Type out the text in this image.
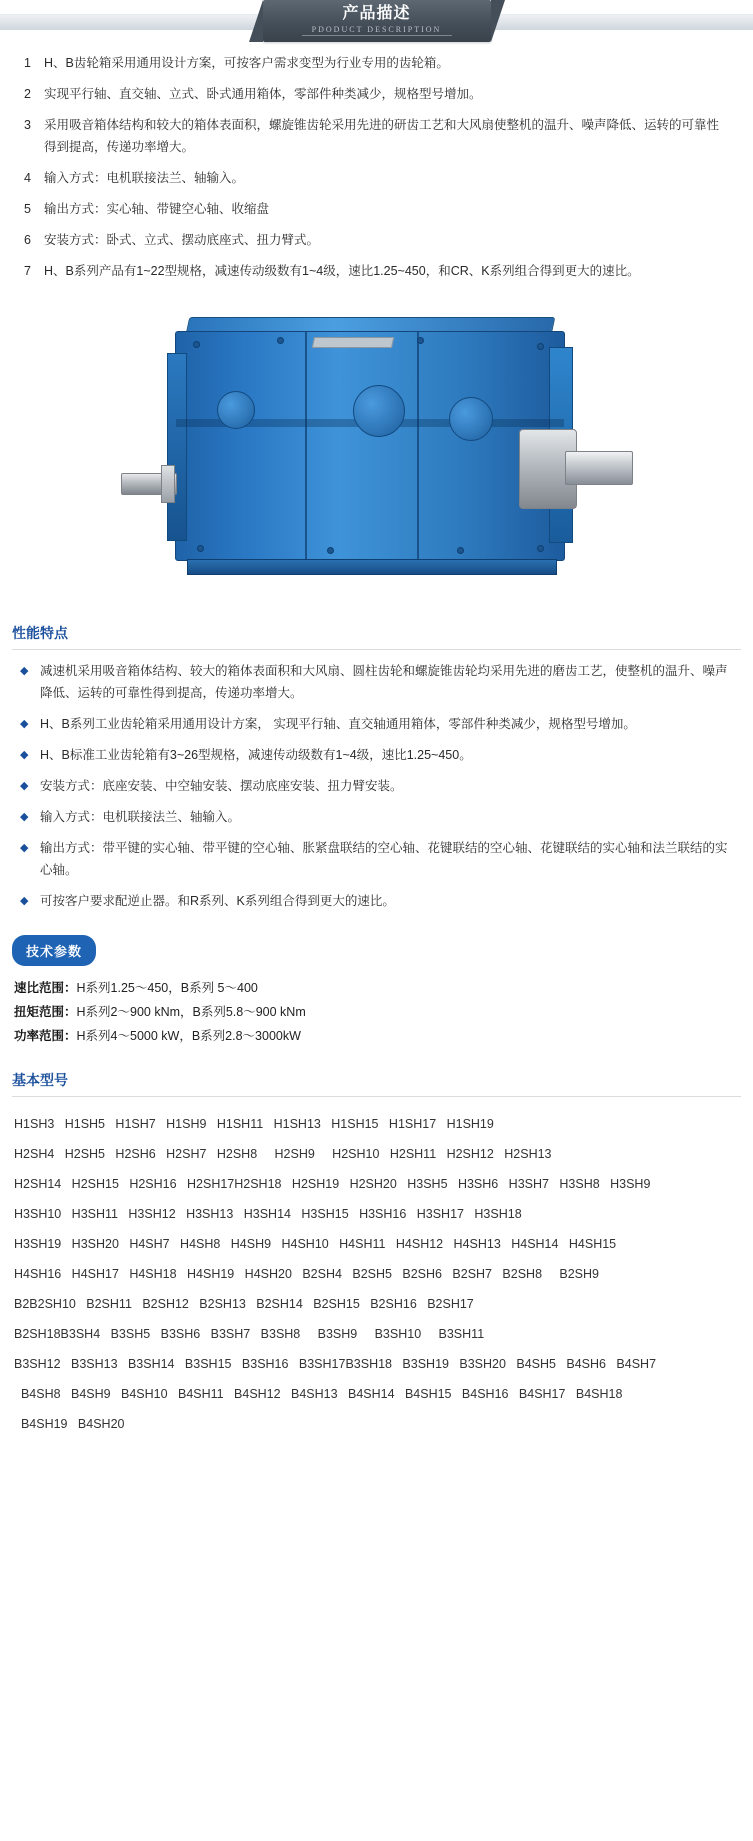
产品描述
PDODUCT DESCRIPTION
1	H、B齿轮箱采用通用设计方案，可按客户需求变型为行业专用的齿轮箱。
2	实现平行轴、直交轴、立式、卧式通用箱体，零部件种类减少，规格型号增加。
3	采用吸音箱体结构和较大的箱体表面积，螺旋锥齿轮采用先进的研齿工艺和大风扇使整机的温升、噪声降低、运转的可靠性得到提高，传递功率增大。
4	输入方式：电机联接法兰、轴输入。
5	输出方式：实心轴、带键空心轴、收缩盘
6	安装方式：卧式、立式、摆动底座式、扭力臂式。
7	H、B系列产品有1~22型规格，减速传动级数有1~4级，速比1.25~450，和CR、K系列组合得到更大的速比。
性能特点
◆ 减速机采用吸音箱体结构、较大的箱体表面积和大风扇、圆柱齿轮和螺旋锥齿轮均采用先进的磨齿工艺，使整机的温升、噪声降低、运转的可靠性得到提高，传递功率增大。
◆ H、B系列工业齿轮箱采用通用设计方案， 实现平行轴、直交轴通用箱体，零部件种类减少，规格型号增加。
◆ H、B标准工业齿轮箱有3~26型规格，减速传动级数有1~4级，速比1.25~450。
◆ 安装方式：底座安装、中空轴安装、摆动底座安装、扭力臂安装。
◆ 输入方式：电机联接法兰、轴输入。
◆ 输出方式：带平键的实心轴、带平键的空心轴、胀紧盘联结的空心轴、花键联结的空心轴、花键联结的实心轴和法兰联结的实心轴。
◆ 可按客户要求配逆止器。和R系列、K系列组合得到更大的速比。
技术参数
速比范围：H系列1.25～450，B系列 5～400
扭矩范围：H系列2～900 kNm，B系列5.8～900 kNm
功率范围：H系列4～5000 kW，B系列2.8～3000kW
基本型号
H1SH3   H1SH5   H1SH7   H1SH9   H1SH11   H1SH13   H1SH15   H1SH17   H1SH19
H2SH4   H2SH5   H2SH6   H2SH7   H2SH8     H2SH9     H2SH10   H2SH11   H2SH12   H2SH13
H2SH14   H2SH15   H2SH16   H2SH17H2SH18   H2SH19   H2SH20   H3SH5   H3SH6   H3SH7   H3SH8   H3SH9
H3SH10   H3SH11   H3SH12   H3SH13   H3SH14   H3SH15   H3SH16   H3SH17   H3SH18
H3SH19   H3SH20   H4SH7   H4SH8   H4SH9   H4SH10   H4SH11   H4SH12   H4SH13   H4SH14   H4SH15
H4SH16   H4SH17   H4SH18   H4SH19   H4SH20   B2SH4   B2SH5   B2SH6   B2SH7   B2SH8     B2SH9
B2B2SH10   B2SH11   B2SH12   B2SH13   B2SH14   B2SH15   B2SH16   B2SH17
B2SH18B3SH4   B3SH5   B3SH6   B3SH7   B3SH8     B3SH9     B3SH10     B3SH11
B3SH12   B3SH13   B3SH14   B3SH15   B3SH16   B3SH17B3SH18   B3SH19   B3SH20   B4SH5   B4SH6   B4SH7
B4SH8   B4SH9   B4SH10   B4SH11   B4SH12   B4SH13   B4SH14   B4SH15   B4SH16   B4SH17   B4SH18
B4SH19   B4SH20
